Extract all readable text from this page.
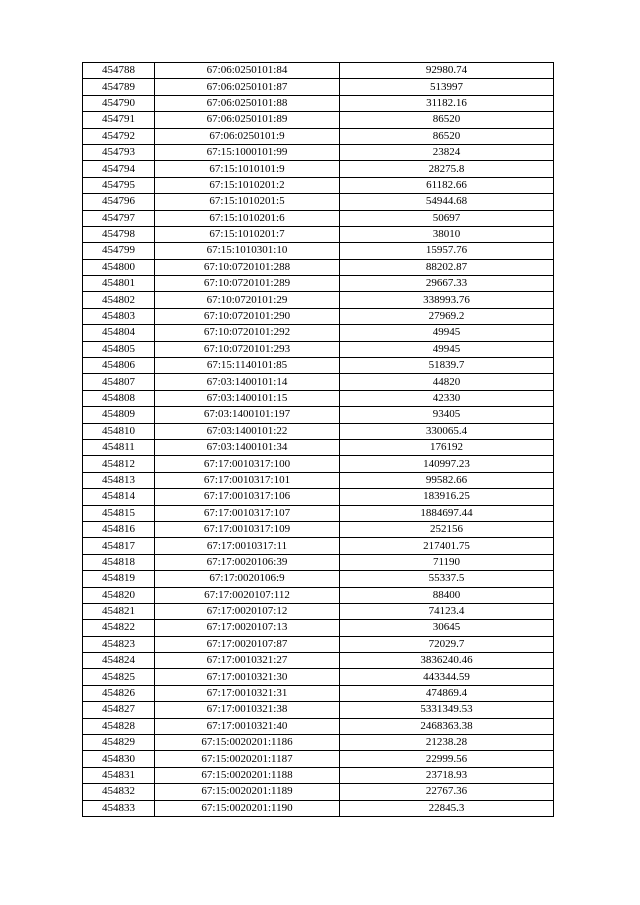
454788	67:06:0250101:84	92980.74
454789	67:06:0250101:87	513997
454790	67:06:0250101:88	31182.16
454791	67:06:0250101:89	86520
454792	67:06:0250101:9	86520
454793	67:15:1000101:99	23824
454794	67:15:1010101:9	28275.8
454795	67:15:1010201:2	61182.66
454796	67:15:1010201:5	54944.68
454797	67:15:1010201:6	50697
454798	67:15:1010201:7	38010
454799	67:15:1010301:10	15957.76
454800	67:10:0720101:288	88202.87
454801	67:10:0720101:289	29667.33
454802	67:10:0720101:29	338993.76
454803	67:10:0720101:290	27969.2
454804	67:10:0720101:292	49945
454805	67:10:0720101:293	49945
454806	67:15:1140101:85	51839.7
454807	67:03:1400101:14	44820
454808	67:03:1400101:15	42330
454809	67:03:1400101:197	93405
454810	67:03:1400101:22	330065.4
454811	67:03:1400101:34	176192
454812	67:17:0010317:100	140997.23
454813	67:17:0010317:101	99582.66
454814	67:17:0010317:106	183916.25
454815	67:17:0010317:107	1884697.44
454816	67:17:0010317:109	252156
454817	67:17:0010317:11	217401.75
454818	67:17:0020106:39	71190
454819	67:17:0020106:9	55337.5
454820	67:17:0020107:112	88400
454821	67:17:0020107:12	74123.4
454822	67:17:0020107:13	30645
454823	67:17:0020107:87	72029.7
454824	67:17:0010321:27	3836240.46
454825	67:17:0010321:30	443344.59
454826	67:17:0010321:31	474869.4
454827	67:17:0010321:38	5331349.53
454828	67:17:0010321:40	2468363.38
454829	67:15:0020201:1186	21238.28
454830	67:15:0020201:1187	22999.56
454831	67:15:0020201:1188	23718.93
454832	67:15:0020201:1189	22767.36
454833	67:15:0020201:1190	22845.3
